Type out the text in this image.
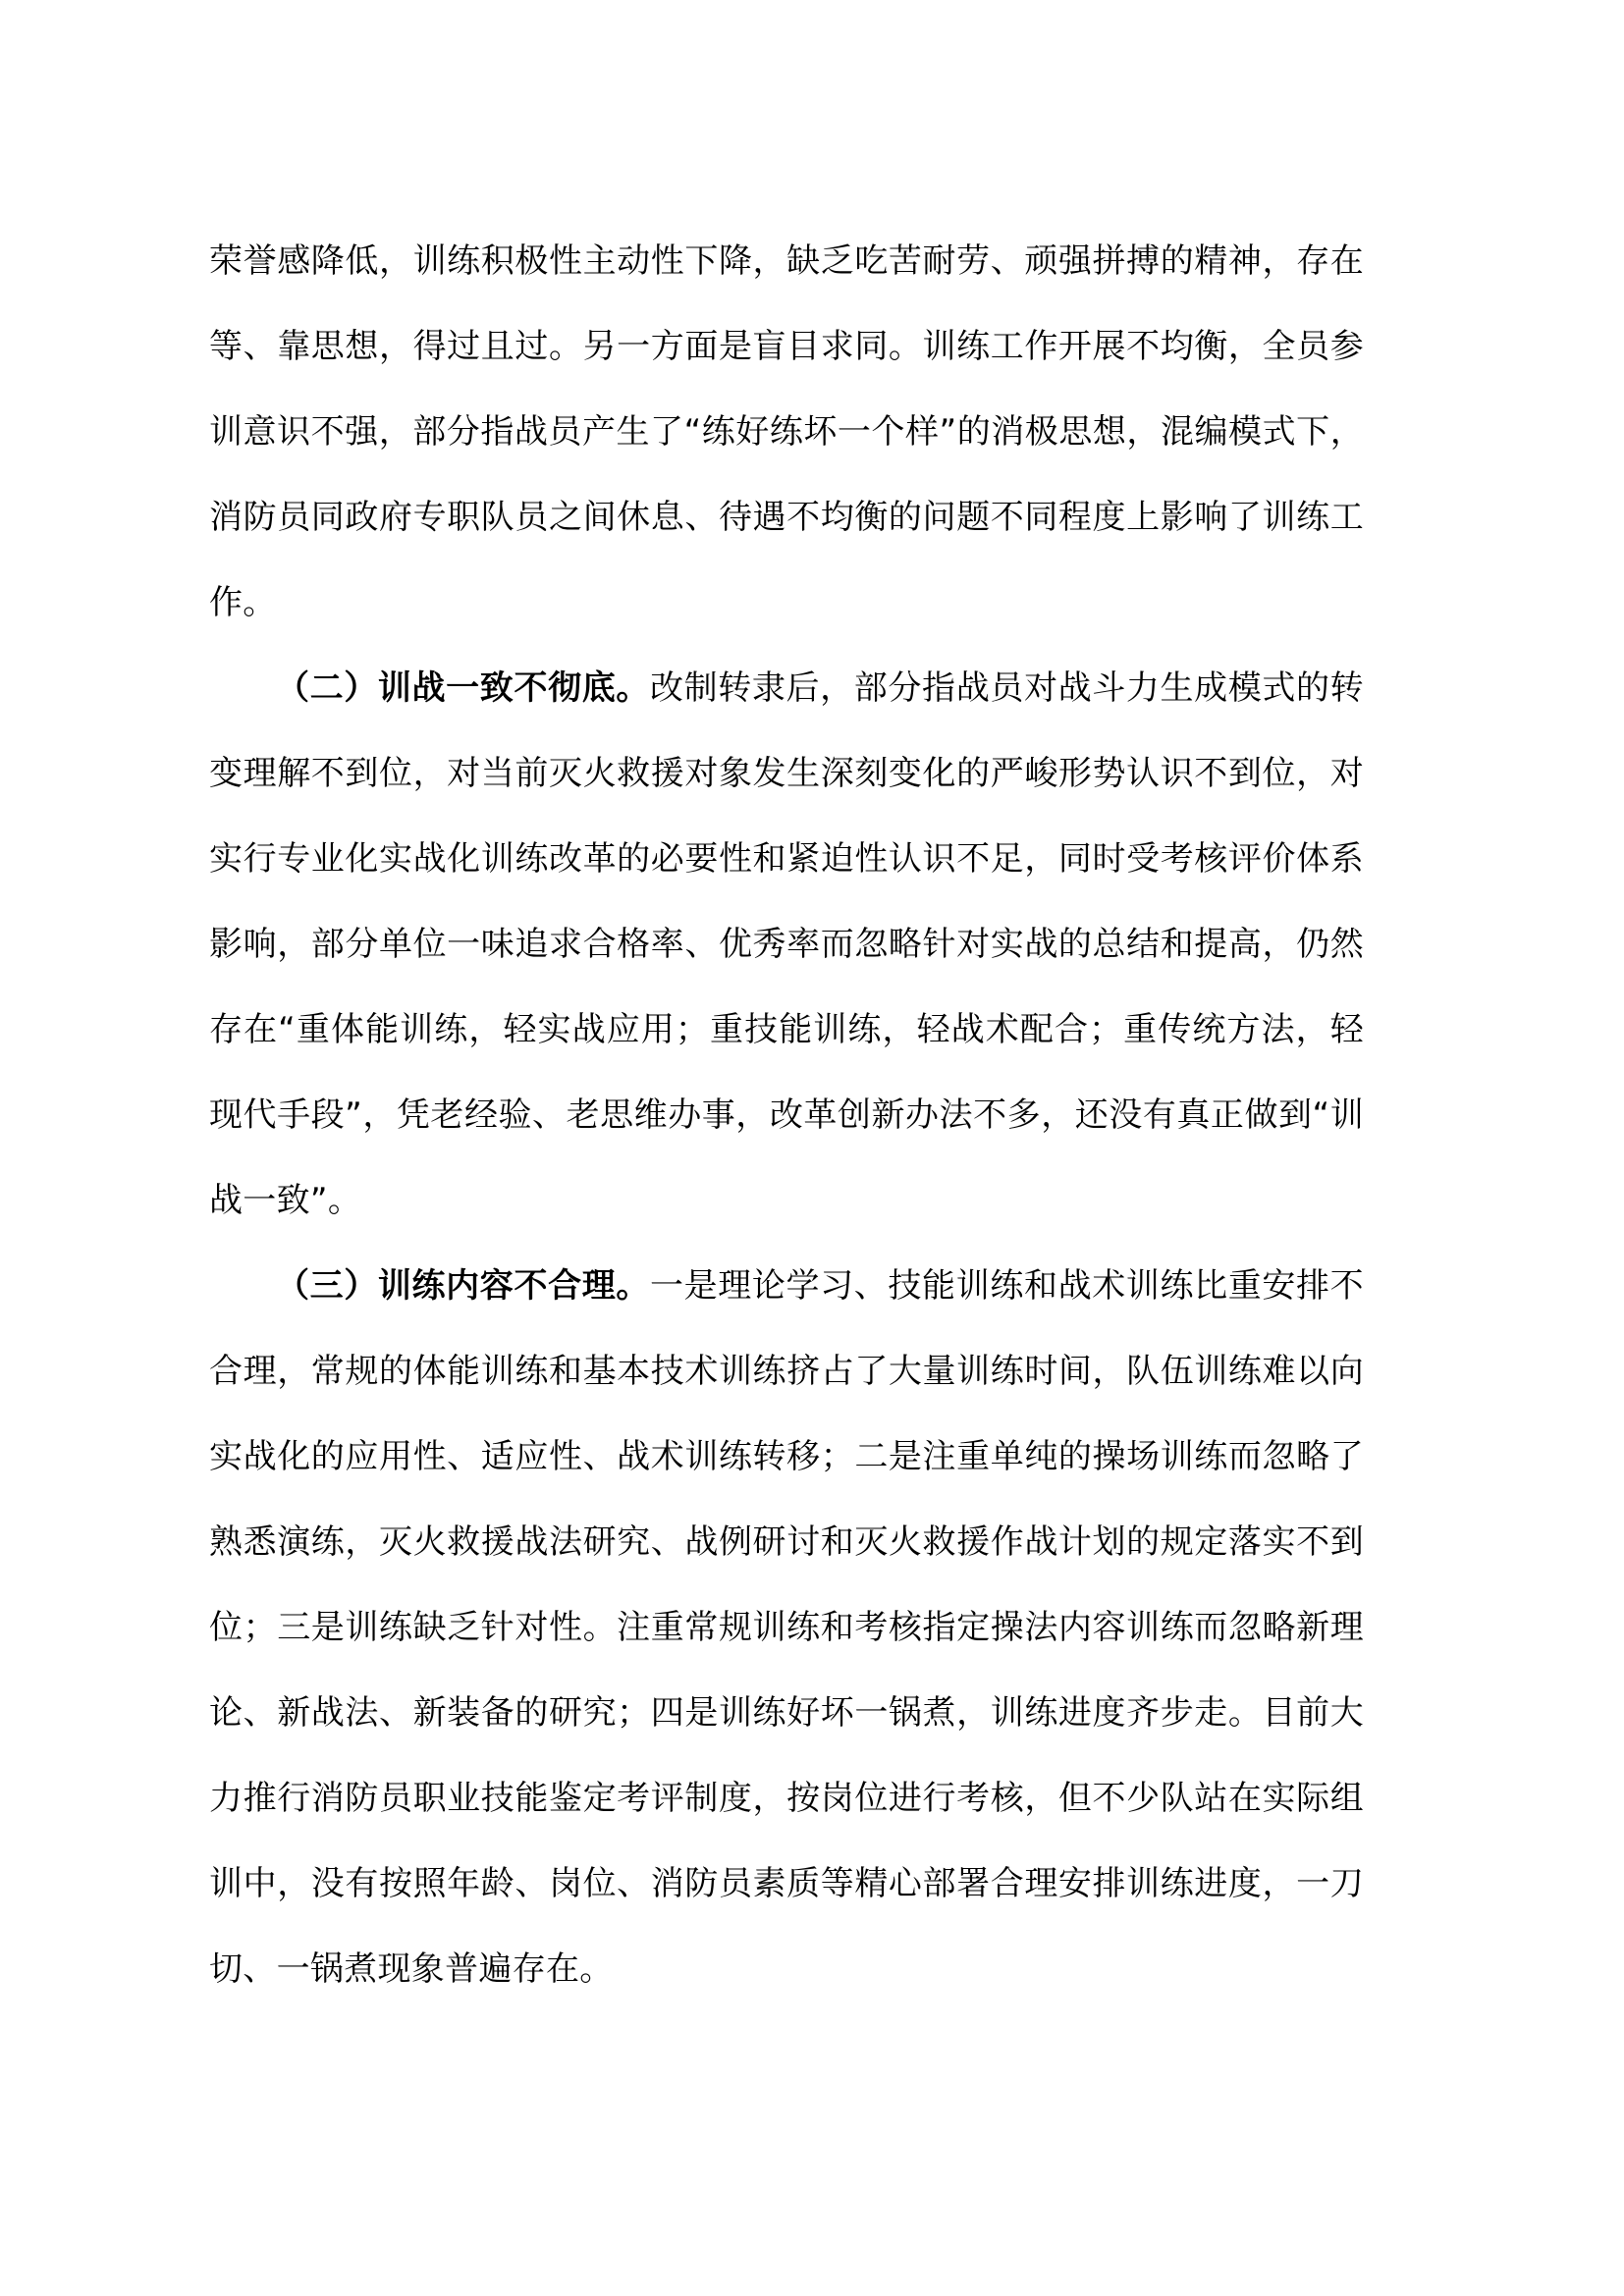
荣誉感降低，训练积极性主动性下降，缺乏吃苦耐劳、顽强拼搏的精神，存在等、靠思想，得过且过。另一方面是盲目求同。训练工作开展不均衡，全员参训意识不强，部分指战员产生了“练好练坏一个样”的消极思想，混编模式下，消防员同政府专职队员之间休息、待遇不均衡的问题不同程度上影响了训练工作。

（二）训战一致不彻底。改制转隶后，部分指战员对战斗力生成模式的转变理解不到位，对当前灭火救援对象发生深刻变化的严峻形势认识不到位，对实行专业化实战化训练改革的必要性和紧迫性认识不足，同时受考核评价体系影响，部分单位一味追求合格率、优秀率而忽略针对实战的总结和提高，仍然存在“重体能训练，轻实战应用；重技能训练，轻战术配合；重传统方法，轻现代手段”，凭老经验、老思维办事，改革创新办法不多，还没有真正做到“训战一致”。

（三）训练内容不合理。一是理论学习、技能训练和战术训练比重安排不合理，常规的体能训练和基本技术训练挤占了大量训练时间，队伍训练难以向实战化的应用性、适应性、战术训练转移；二是注重单纯的操场训练而忽略了熟悉演练，灭火救援战法研究、战例研讨和灭火救援作战计划的规定落实不到位；三是训练缺乏针对性。注重常规训练和考核指定操法内容训练而忽略新理论、新战法、新装备的研究；四是训练好坏一锅煮，训练进度齐步走。目前大力推行消防员职业技能鉴定考评制度，按岗位进行考核，但不少队站在实际组训中，没有按照年龄、岗位、消防员素质等精心部署合理安排训练进度，一刀切、一锅煮现象普遍存在。
